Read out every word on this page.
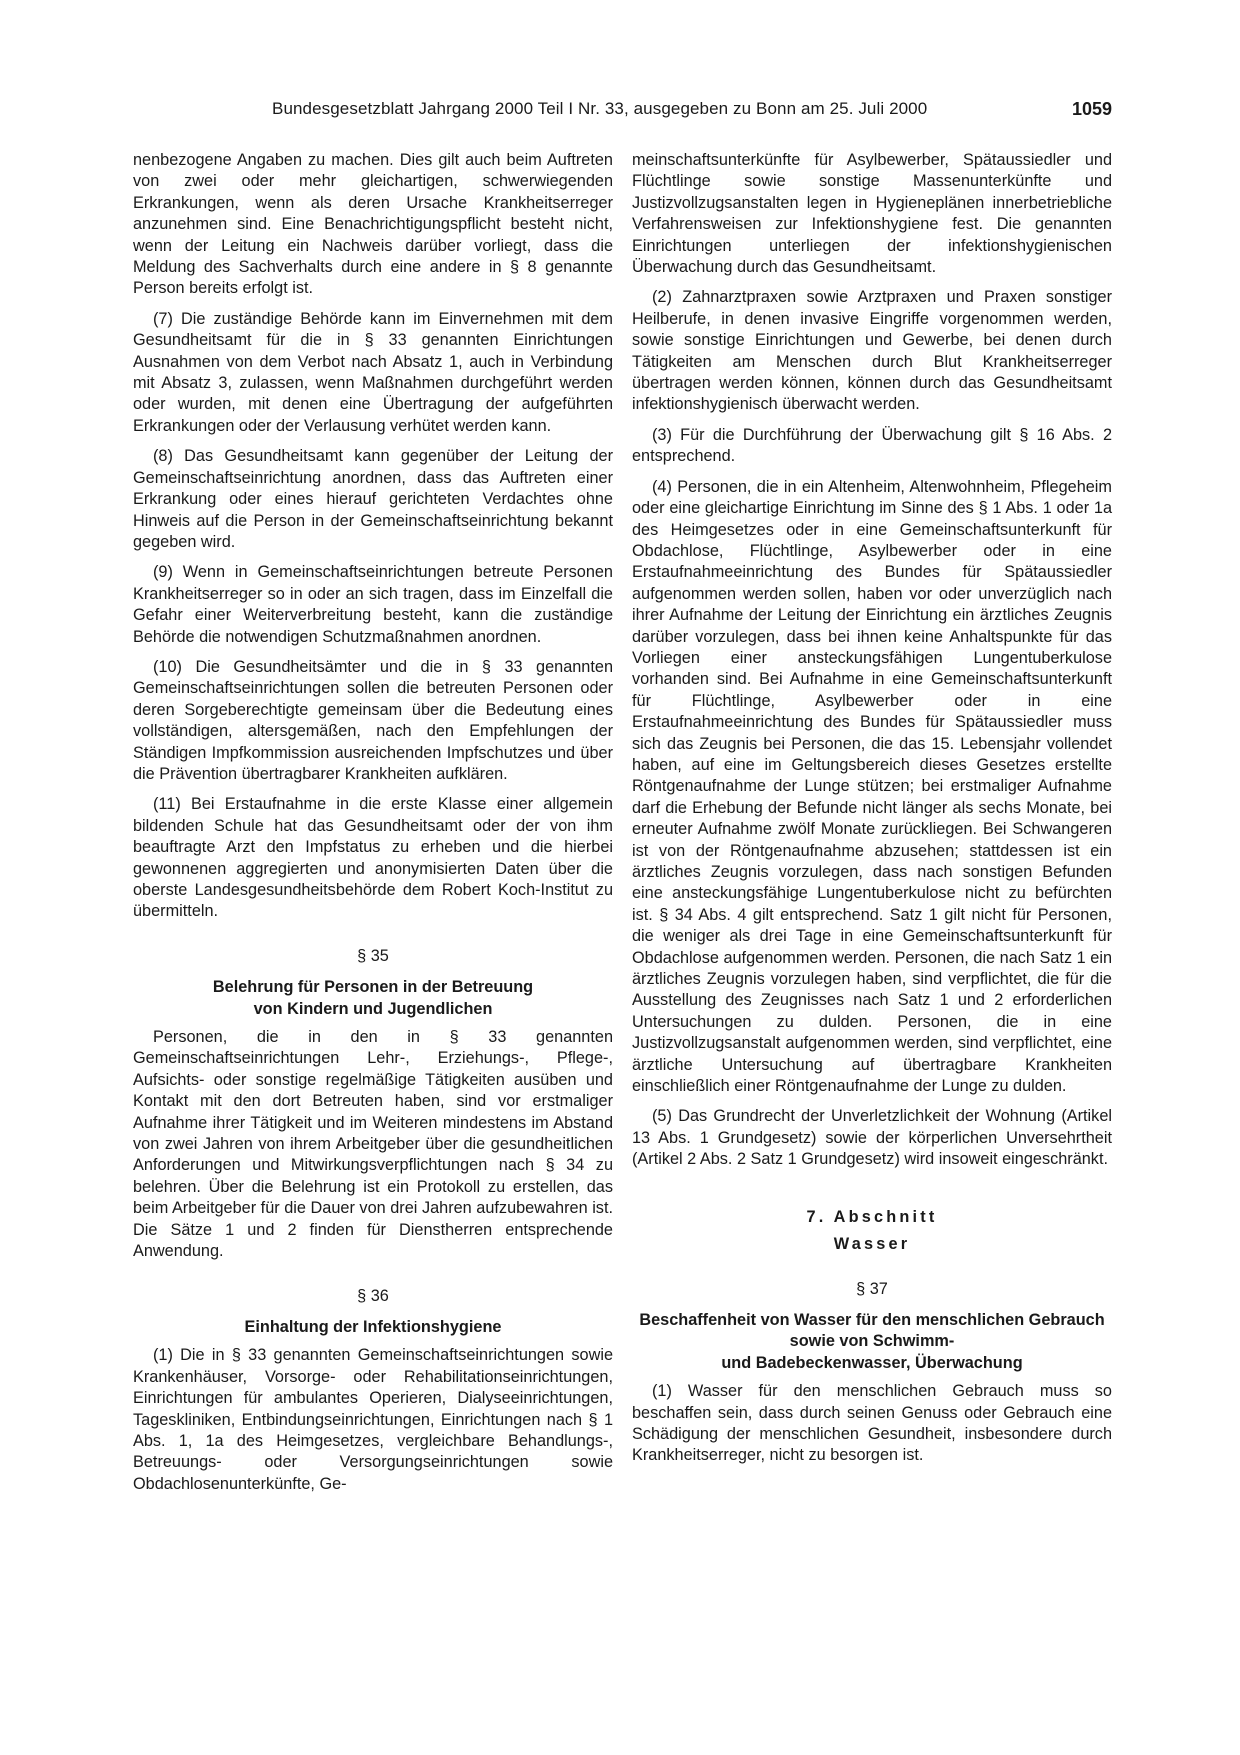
Bundesgesetzblatt Jahrgang 2000 Teil I Nr. 33, ausgegeben zu Bonn am 25. Juli 2000	1059

nenbezogene Angaben zu machen. Dies gilt auch beim Auftreten von zwei oder mehr gleichartigen, schwerwiegenden Erkrankungen, wenn als deren Ursache Krankheitserreger anzunehmen sind. Eine Benachrichtigungspflicht besteht nicht, wenn der Leitung ein Nachweis darüber vorliegt, dass die Meldung des Sachverhalts durch eine andere in § 8 genannte Person bereits erfolgt ist.

(7) Die zuständige Behörde kann im Einvernehmen mit dem Gesundheitsamt für die in § 33 genannten Einrichtungen Ausnahmen von dem Verbot nach Absatz 1, auch in Verbindung mit Absatz 3, zulassen, wenn Maßnahmen durchgeführt werden oder wurden, mit denen eine Übertragung der aufgeführten Erkrankungen oder der Verlausung verhütet werden kann.

(8) Das Gesundheitsamt kann gegenüber der Leitung der Gemeinschaftseinrichtung anordnen, dass das Auftreten einer Erkrankung oder eines hierauf gerichteten Verdachtes ohne Hinweis auf die Person in der Gemeinschaftseinrichtung bekannt gegeben wird.

(9) Wenn in Gemeinschaftseinrichtungen betreute Personen Krankheitserreger so in oder an sich tragen, dass im Einzelfall die Gefahr einer Weiterverbreitung besteht, kann die zuständige Behörde die notwendigen Schutzmaßnahmen anordnen.

(10) Die Gesundheitsämter und die in § 33 genannten Gemeinschaftseinrichtungen sollen die betreuten Personen oder deren Sorgeberechtigte gemeinsam über die Bedeutung eines vollständigen, altersgemäßen, nach den Empfehlungen der Ständigen Impfkommission ausreichenden Impfschutzes und über die Prävention übertragbarer Krankheiten aufklären.

(11) Bei Erstaufnahme in die erste Klasse einer allgemein bildenden Schule hat das Gesundheitsamt oder der von ihm beauftragte Arzt den Impfstatus zu erheben und die hierbei gewonnenen aggregierten und anonymisierten Daten über die oberste Landesgesundheitsbehörde dem Robert Koch-Institut zu übermitteln.

§ 35
Belehrung für Personen in der Betreuung
von Kindern und Jugendlichen

Personen, die in den in § 33 genannten Gemeinschaftseinrichtungen Lehr-, Erziehungs-, Pflege-, Aufsichts- oder sonstige regelmäßige Tätigkeiten ausüben und Kontakt mit den dort Betreuten haben, sind vor erstmaliger Aufnahme ihrer Tätigkeit und im Weiteren mindestens im Abstand von zwei Jahren von ihrem Arbeitgeber über die gesundheitlichen Anforderungen und Mitwirkungsverpflichtungen nach § 34 zu belehren. Über die Belehrung ist ein Protokoll zu erstellen, das beim Arbeitgeber für die Dauer von drei Jahren aufzubewahren ist. Die Sätze 1 und 2 finden für Dienstherren entsprechende Anwendung.

§ 36
Einhaltung der Infektionshygiene

(1) Die in § 33 genannten Gemeinschaftseinrichtungen sowie Krankenhäuser, Vorsorge- oder Rehabilitationseinrichtungen, Einrichtungen für ambulantes Operieren, Dialyseeinrichtungen, Tageskliniken, Entbindungseinrichtungen, Einrichtungen nach § 1 Abs. 1, 1a des Heimgesetzes, vergleichbare Behandlungs-, Betreuungs- oder Versorgungseinrichtungen sowie Obdachlosenunterkünfte, Ge-

meinschaftsunterkünfte für Asylbewerber, Spätaussiedler und Flüchtlinge sowie sonstige Massenunterkünfte und Justizvollzugsanstalten legen in Hygieneplänen innerbetriebliche Verfahrensweisen zur Infektionshygiene fest. Die genannten Einrichtungen unterliegen der infektionshygienischen Überwachung durch das Gesundheitsamt.

(2) Zahnarztpraxen sowie Arztpraxen und Praxen sonstiger Heilberufe, in denen invasive Eingriffe vorgenommen werden, sowie sonstige Einrichtungen und Gewerbe, bei denen durch Tätigkeiten am Menschen durch Blut Krankheitserreger übertragen werden können, können durch das Gesundheitsamt infektionshygienisch überwacht werden.

(3) Für die Durchführung der Überwachung gilt § 16 Abs. 2 entsprechend.

(4) Personen, die in ein Altenheim, Altenwohnheim, Pflegeheim oder eine gleichartige Einrichtung im Sinne des § 1 Abs. 1 oder 1a des Heimgesetzes oder in eine Gemeinschaftsunterkunft für Obdachlose, Flüchtlinge, Asylbewerber oder in eine Erstaufnahmeeinrichtung des Bundes für Spätaussiedler aufgenommen werden sollen, haben vor oder unverzüglich nach ihrer Aufnahme der Leitung der Einrichtung ein ärztliches Zeugnis darüber vorzulegen, dass bei ihnen keine Anhaltspunkte für das Vorliegen einer ansteckungsfähigen Lungentuberkulose vorhanden sind. Bei Aufnahme in eine Gemeinschaftsunterkunft für Flüchtlinge, Asylbewerber oder in eine Erstaufnahmeeinrichtung des Bundes für Spätaussiedler muss sich das Zeugnis bei Personen, die das 15. Lebensjahr vollendet haben, auf eine im Geltungsbereich dieses Gesetzes erstellte Röntgenaufnahme der Lunge stützen; bei erstmaliger Aufnahme darf die Erhebung der Befunde nicht länger als sechs Monate, bei erneuter Aufnahme zwölf Monate zurückliegen. Bei Schwangeren ist von der Röntgenaufnahme abzusehen; stattdessen ist ein ärztliches Zeugnis vorzulegen, dass nach sonstigen Befunden eine ansteckungsfähige Lungentuberkulose nicht zu befürchten ist. § 34 Abs. 4 gilt entsprechend. Satz 1 gilt nicht für Personen, die weniger als drei Tage in eine Gemeinschaftsunterkunft für Obdachlose aufgenommen werden. Personen, die nach Satz 1 ein ärztliches Zeugnis vorzulegen haben, sind verpflichtet, die für die Ausstellung des Zeugnisses nach Satz 1 und 2 erforderlichen Untersuchungen zu dulden. Personen, die in eine Justizvollzugsanstalt aufgenommen werden, sind verpflichtet, eine ärztliche Untersuchung auf übertragbare Krankheiten einschließlich einer Röntgenaufnahme der Lunge zu dulden.

(5) Das Grundrecht der Unverletzlichkeit der Wohnung (Artikel 13 Abs. 1 Grundgesetz) sowie der körperlichen Unversehrtheit (Artikel 2 Abs. 2 Satz 1 Grundgesetz) wird insoweit eingeschränkt.

7. Abschnitt
Wasser
§ 37
Beschaffenheit von Wasser für den menschlichen Gebrauch sowie von Schwimm-
und Badebeckenwasser, Überwachung

(1) Wasser für den menschlichen Gebrauch muss so beschaffen sein, dass durch seinen Genuss oder Gebrauch eine Schädigung der menschlichen Gesundheit, insbesondere durch Krankheitserreger, nicht zu besorgen ist.
